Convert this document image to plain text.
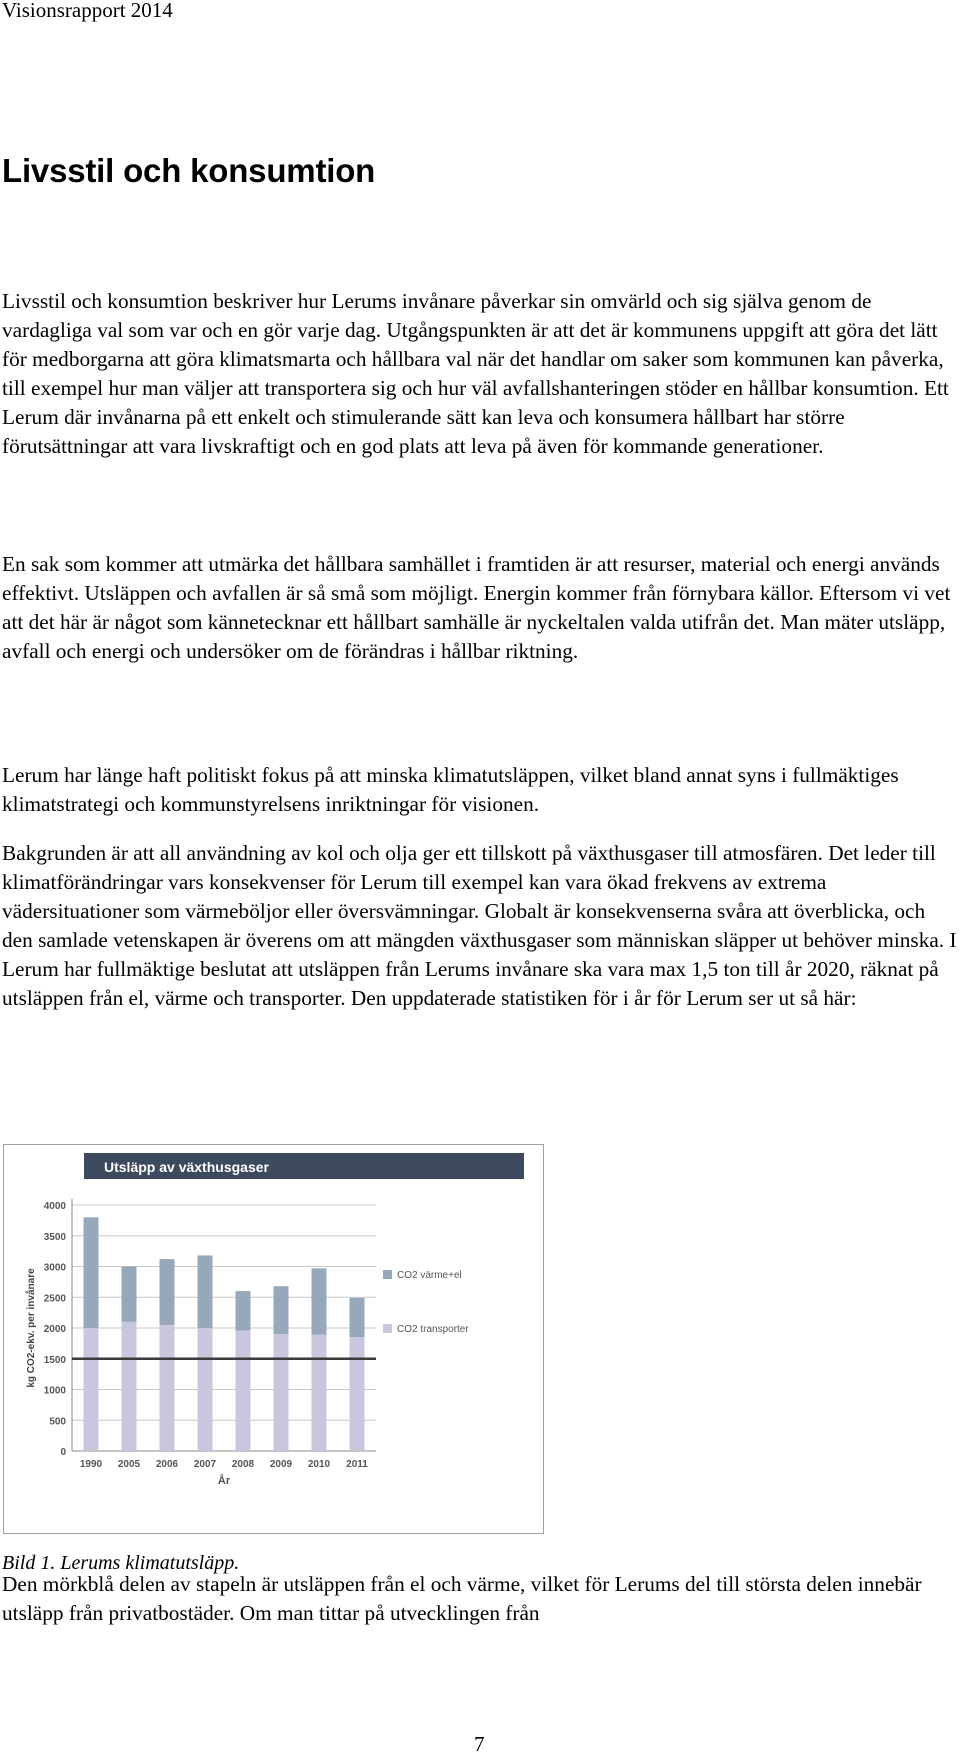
Visionsrapport 2014
Livsstil och konsumtion

Livsstil och konsumtion beskriver hur Lerums invånare påverkar sin omvärld och sig själva genom de vardagliga val som var och en gör varje dag. Utgångspunkten är att det är kommunens uppgift att göra det lätt för medborgarna att göra klimatsmarta och hållbara val när det handlar om saker som kommunen kan påverka, till exempel hur man väljer att transportera sig och hur väl avfallshanteringen stöder en hållbar konsumtion. Ett Lerum där invånarna på ett enkelt och stimulerande sätt kan leva och konsumera hållbart har större förutsättningar att vara livskraftigt och en god plats att leva på även för kommande generationer.

En sak som kommer att utmärka det hållbara samhället i framtiden är att resurser, material och energi används effektivt. Utsläppen och avfallen är så små som möjligt. Energin kommer från förnybara källor. Eftersom vi vet att det här är något som kännetecknar ett hållbart samhälle är nyckeltalen valda utifrån det. Man mäter utsläpp, avfall och energi och undersöker om de förändras i hållbar riktning.

Lerum har länge haft politiskt fokus på att minska klimatutsläppen, vilket bland annat syns i fullmäktiges klimatstrategi och kommunstyrelsens inriktningar för visionen.

Bakgrunden är att all användning av kol och olja ger ett tillskott på växthusgaser till atmosfären. Det leder till klimatförändringar vars konsekvenser för Lerum till exempel kan vara ökad frekvens av extrema vädersituationer som värmeböljor eller översvämningar. Globalt är konsekvenserna svåra att överblicka, och den samlade vetenskapen är överens om att mängden växthusgaser som människan släpper ut behöver minska. I Lerum har fullmäktige beslutat att utsläppen från Lerums invånare ska vara max 1,5 ton till år 2020, räknat på utsläppen från el, värme och transporter. Den uppdaterade statistiken för i år för Lerum ser ut så här:

Utsläpp av växthusgaser
0
500
1000
1500
2000
2500
3000
3500
4000
1990 2005 2006 2007 2008 2009 2010 2011
År
kg CO2-ekv. per invånare	CO2 värme+el
CO2 transporter
Bild 1. Lerums klimatutsläpp.

Den mörkblå delen av stapeln är utsläppen från el och värme, vilket för Lerums del till största delen innebär utsläpp från privatbostäder. Om man tittar på utvecklingen från

7
